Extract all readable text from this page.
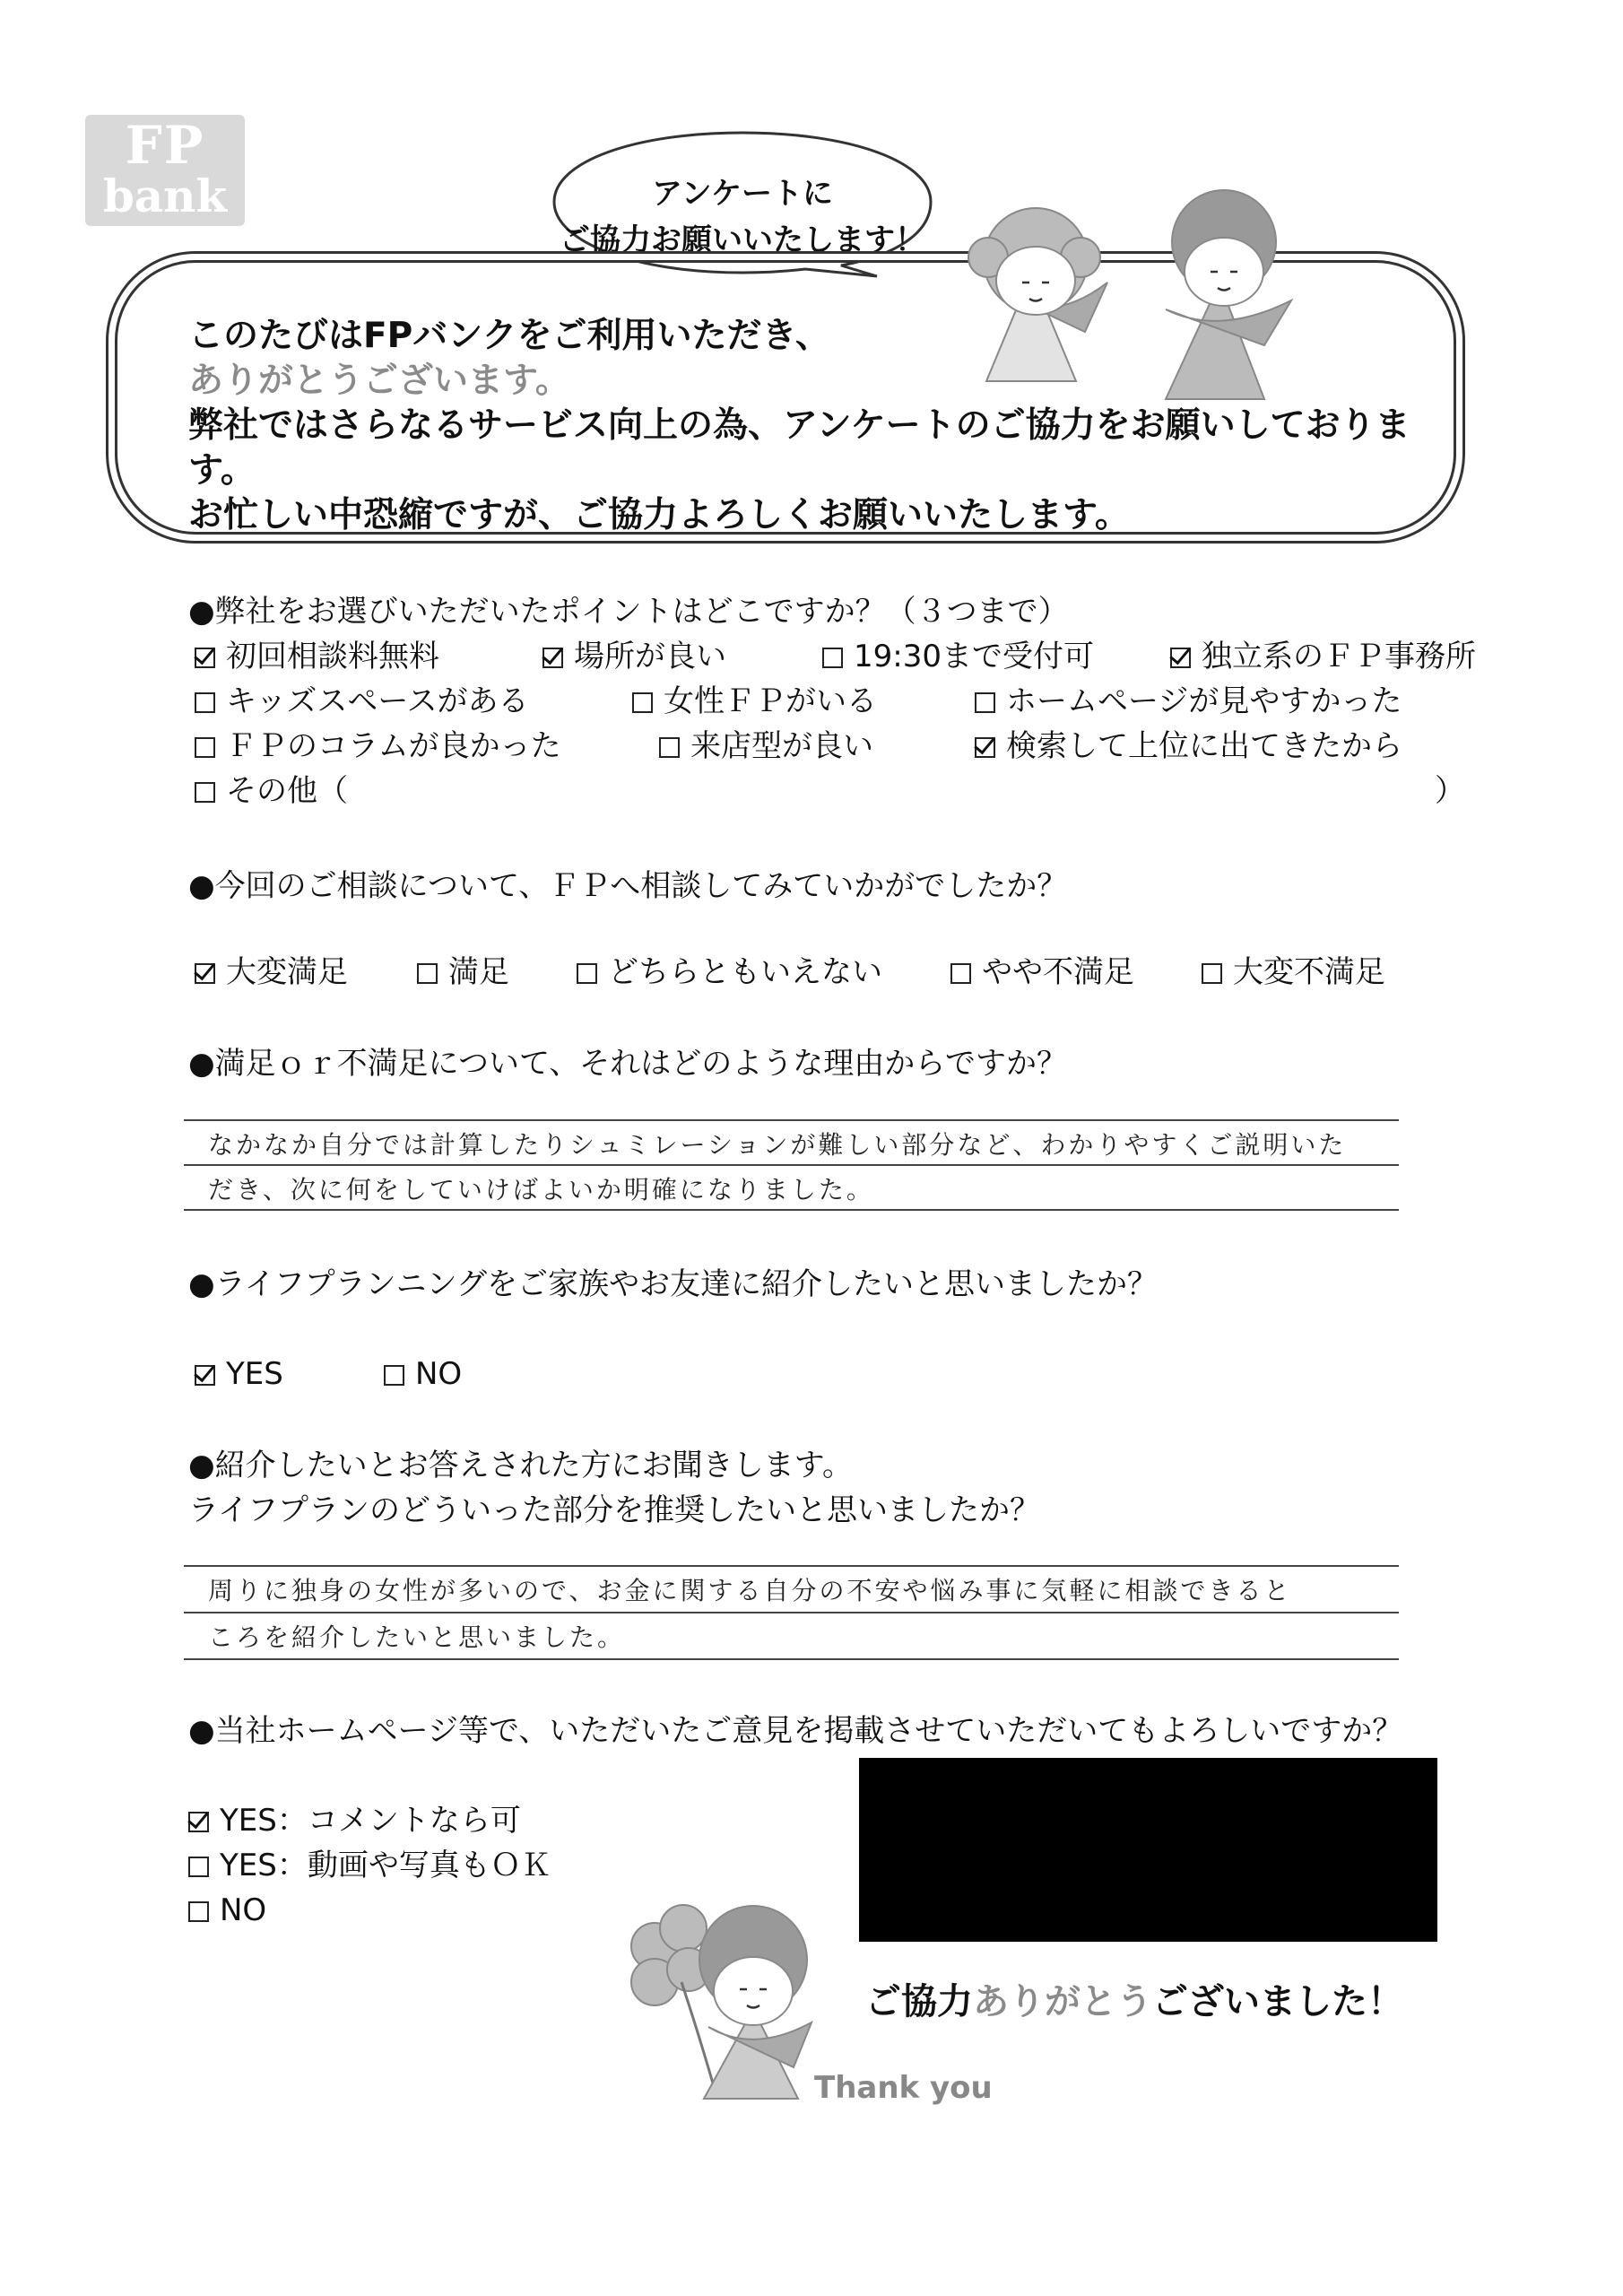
FP
bank	アンケートに
ご協力お願いいたします！
このたびはFPバンクをご利用いただき、
ありがとうございます。
弊社ではさらなるサービス向上の為、アンケートのご協力をお願いしております。
お忙しい中恐縮ですが、ご協力よろしくお願いいたします。
●弊社をお選びいただいたポイントはどこですか？（３つまで）
初回相談料無料	場所が良い	19:30まで受付可	独立系のＦＰ事務所
キッズスペースがある	女性ＦＰがいる	ホームページが見やすかった
ＦＰのコラムが良かった	来店型が良い	検索して上位に出てきたから
その他（	）
●今回のご相談について、ＦＰへ相談してみていかがでしたか？
大変満足	満足	どちらともいえない	やや不満足	大変不満足
●満足ｏｒ不満足について、それはどのような理由からですか？
なかなか自分では計算したりシュミレーションが難しい部分など、わかりやすくご説明いた
だき、次に何をしていけばよいか明確になりました。
●ライフプランニングをご家族やお友達に紹介したいと思いましたか？
YES	NO
●紹介したいとお答えされた方にお聞きします。
ライフプランのどういった部分を推奨したいと思いましたか？
周りに独身の女性が多いので、お金に関する自分の不安や悩み事に気軽に相談できると
ころを紹介したいと思いました。
●当社ホームページ等で、いただいたご意見を掲載させていただいてもよろしいですか？
YES：コメントなら可
YES：動画や写真もＯＫ
NO
ご協力ありがとうございました！
Thank you
